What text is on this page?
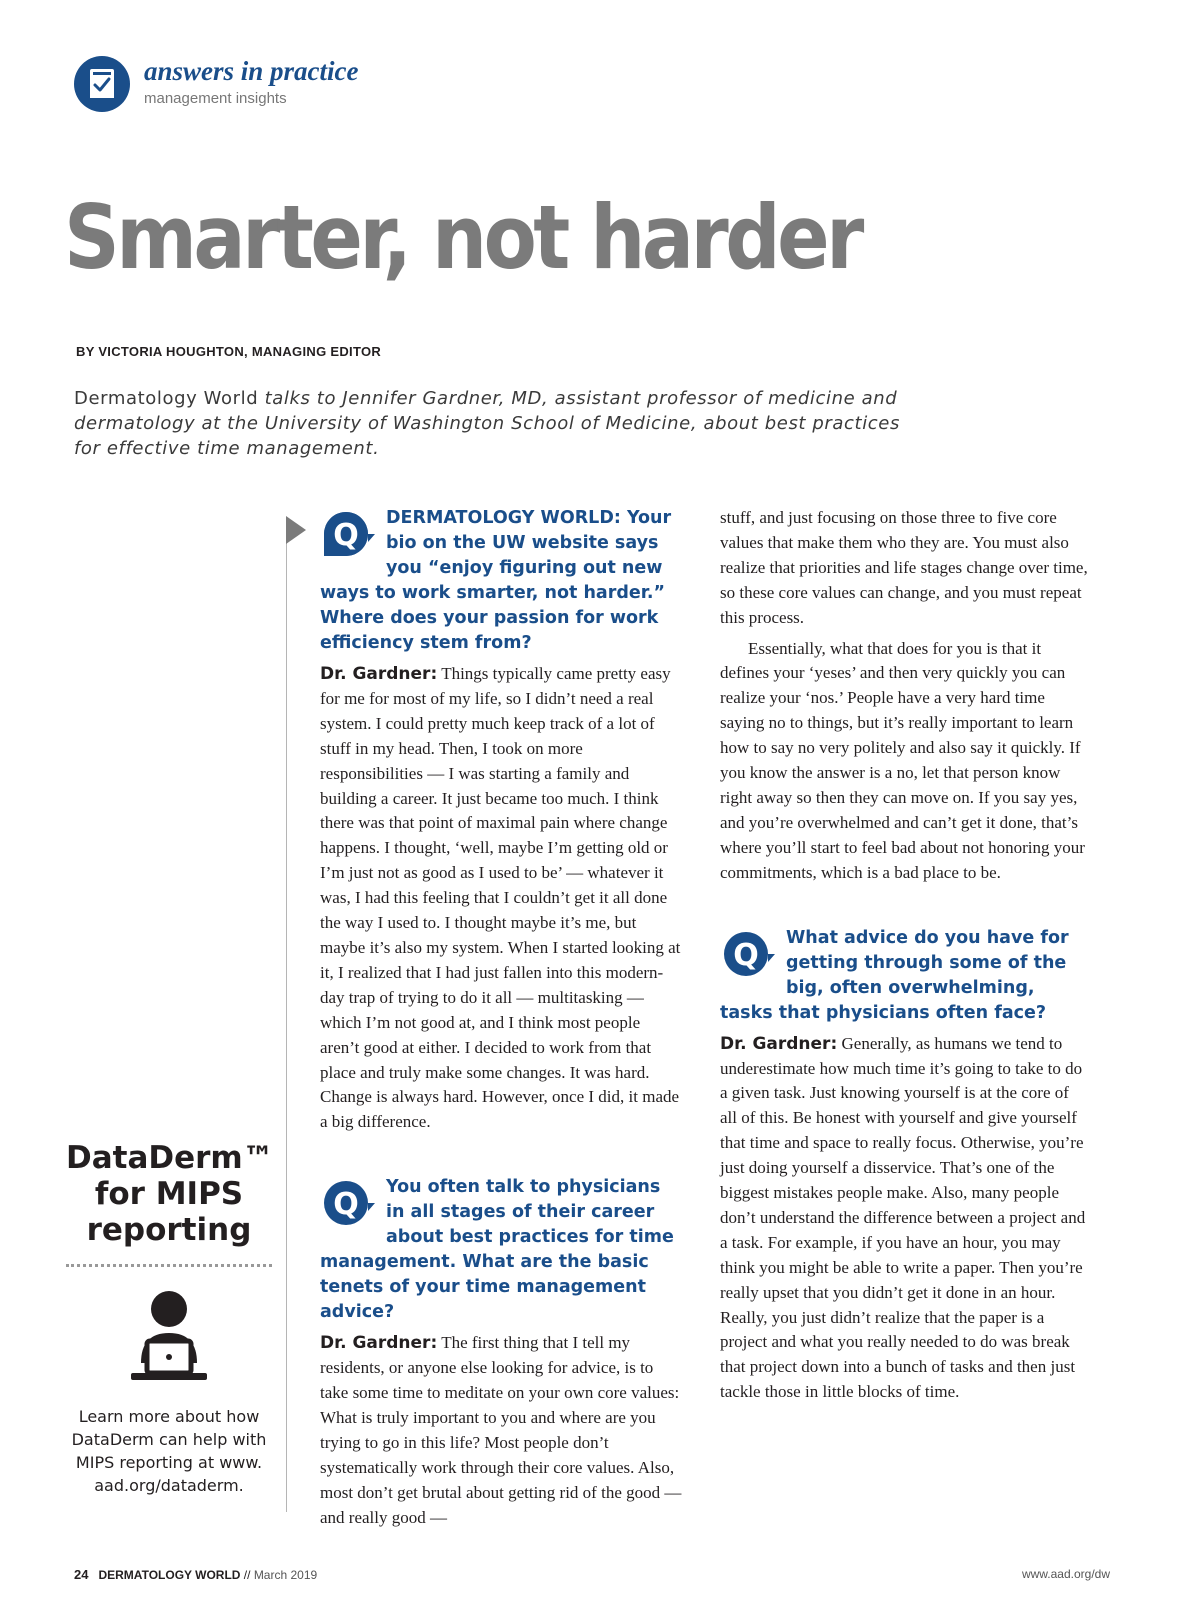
answers in practice
management insights
Smarter, not harder
BY VICTORIA HOUGHTON, MANAGING EDITOR
Dermatology World talks to Jennifer Gardner, MD, assistant professor of medicine and dermatology at the University of Washington School of Medicine, about best practices for effective time management.
Q	DERMATOLOGY WORLD: Your bio on the UW website says you “enjoy figuring out new ways to work smarter, not harder.” Where does your passion for work efficiency stem from?

Dr. Gardner: Things typically came pretty easy for me for most of my life, so I didn’t need a real system. I could pretty much keep track of a lot of stuff in my head. Then, I took on more responsibilities — I was starting a family and building a career. It just became too much. I think there was that point of maximal pain where change happens. I thought, ‘well, maybe I’m getting old or I’m just not as good as I used to be’ — whatever it was, I had this feeling that I couldn’t get it all done the way I used to. I thought maybe it’s me, but maybe it’s also my system. When I started looking at it, I realized that I had just fallen into this modern-day trap of trying to do it all — multitasking — which I’m not good at, and I think most people aren’t good at either. I decided to work from that place and truly make some changes. It was hard. Change is always hard. However, once I did, it made a big difference.

Q	You often talk to physicians in all stages of their career about best practices for time management. What are the basic tenets of your time management advice?

Dr. Gardner: The first thing that I tell my residents, or anyone else looking for advice, is to take some time to meditate on your own core values: What is truly important to you and where are you trying to go in this life? Most people don’t systematically work through their core values. Also, most don’t get brutal about getting rid of the good — and really good —

stuff, and just focusing on those three to five core values that make them who they are. You must also realize that priorities and life stages change over time, so these core values can change, and you must repeat this process.

Essentially, what that does for you is that it defines your ‘yeses’ and then very quickly you can realize your ‘nos.’ People have a very hard time saying no to things, but it’s really important to learn how to say no very politely and also say it quickly. If you know the answer is a no, let that person know right away so then they can move on. If you say yes, and you’re overwhelmed and can’t get it done, that’s where you’ll start to feel bad about not honoring your commitments, which is a bad place to be.

Q	What advice do you have for getting through some of the big, often overwhelming, tasks that physicians often face?

Dr. Gardner: Generally, as humans we tend to underestimate how much time it’s going to take to do a given task. Just knowing yourself is at the core of all of this. Be honest with yourself and give yourself that time and space to really focus. Otherwise, you’re just doing yourself a disservice. That’s one of the biggest mistakes people make. Also, many people don’t understand the difference between a project and a task. For example, if you have an hour, you may think you might be able to write a paper. Then you’re really upset that you didn’t get it done in an hour. Really, you just didn’t realize that the paper is a project and what you really needed to do was break that project down into a bunch of tasks and then just tackle those in little blocks of time.

DataDerm™
for MIPS
reporting
Learn more about how DataDerm can help with MIPS reporting at www. aad.org/dataderm.
24 DERMATOLOGY WORLD // March 2019	www.aad.org/dw
